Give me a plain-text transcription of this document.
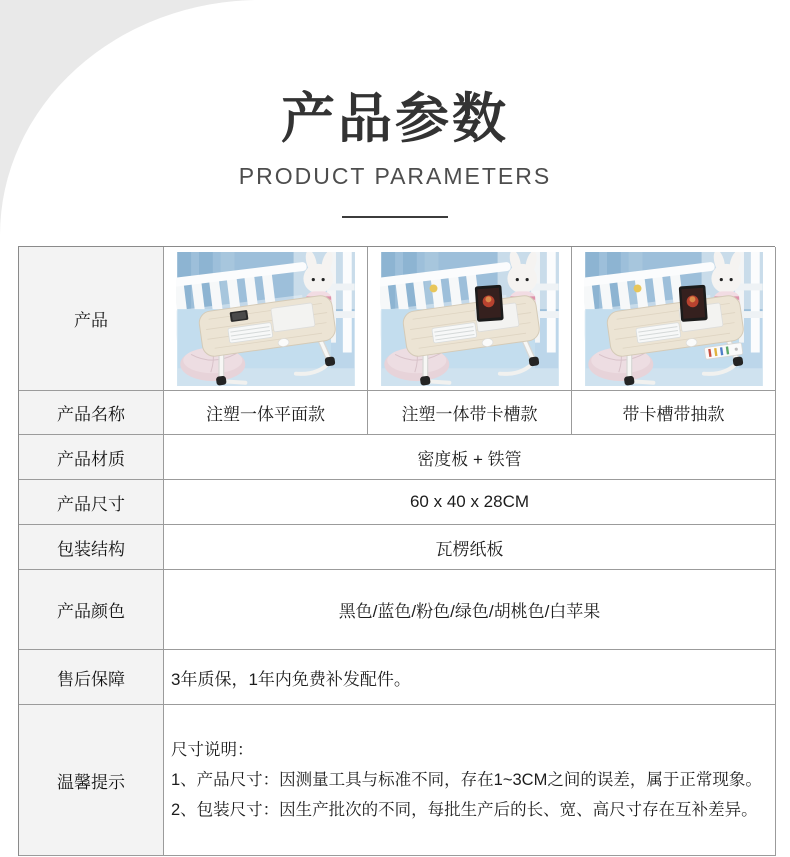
产品参数
PRODUCT PARAMETERS
产品
产品名称	注塑一体平面款	注塑一体带卡槽款	带卡槽带抽款
产品材质	密度板 + 铁管
产品尺寸	60 x 40 x 28CM
包装结构	瓦楞纸板
产品颜色	黑色/蓝色/粉色/绿色/胡桃色/白苹果
售后保障	3年质保，1年内免费补发配件。
温馨提示
尺寸说明：
1、产品尺寸：因测量工具与标准不同，存在1~3CM之间的误差，属于正常现象。
2、包装尺寸：因生产批次的不同，每批生产后的长、宽、高尺寸存在互补差异。
